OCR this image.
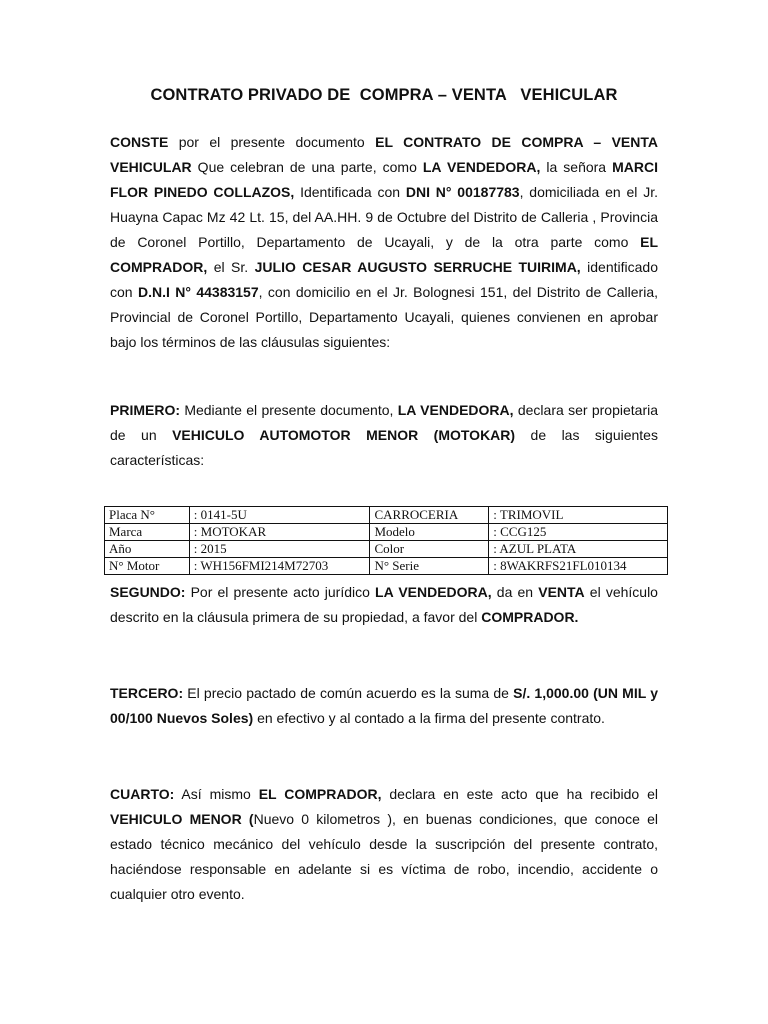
CONTRATO PRIVADO DE  COMPRA – VENTA   VEHICULAR

CONSTE por el presente documento EL CONTRATO DE COMPRA – VENTA VEHICULAR Que celebran de una parte, como LA VENDEDORA, la señora MARCI FLOR PINEDO COLLAZOS, Identificada con DNI N° 00187783, domiciliada en el Jr. Huayna Capac Mz 42 Lt. 15, del AA.HH. 9 de Octubre del Distrito de Calleria , Provincia de Coronel Portillo, Departamento de Ucayali, y de la otra parte como EL COMPRADOR, el Sr. JULIO CESAR AUGUSTO SERRUCHE TUIRIMA, identificado con D.N.I N° 44383157, con domicilio en el Jr. Bolognesi 151, del Distrito de Calleria, Provincial de Coronel Portillo, Departamento Ucayali, quienes convienen en aprobar bajo los términos de las cláusulas siguientes:

PRIMERO: Mediante el presente documento, LA VENDEDORA, declara ser propietaria de un VEHICULO AUTOMOTOR MENOR (MOTOKAR) de las siguientes características:

Placa N°	: 0141-5U	CARROCERIA	: TRIMOVIL
Marca	: MOTOKAR	Modelo	: CCG125
Año	: 2015	Color	: AZUL PLATA
N° Motor	: WH156FMI214M72703	N° Serie	: 8WAKRFS21FL010134

SEGUNDO: Por el presente acto jurídico LA VENDEDORA, da en VENTA el vehículo descrito en la cláusula primera de su propiedad, a favor del COMPRADOR.

TERCERO: El precio pactado de común acuerdo es la suma de S/. 1,000.00 (UN MIL y 00/100 Nuevos Soles) en efectivo y al contado a la firma del presente contrato.

CUARTO: Así mismo EL COMPRADOR, declara en este acto que ha recibido el VEHICULO MENOR (Nuevo 0 kilometros ), en buenas condiciones, que conoce el estado técnico mecánico del vehículo desde la suscripción del presente contrato, haciéndose responsable en adelante si es víctima de robo, incendio, accidente o cualquier otro evento.
